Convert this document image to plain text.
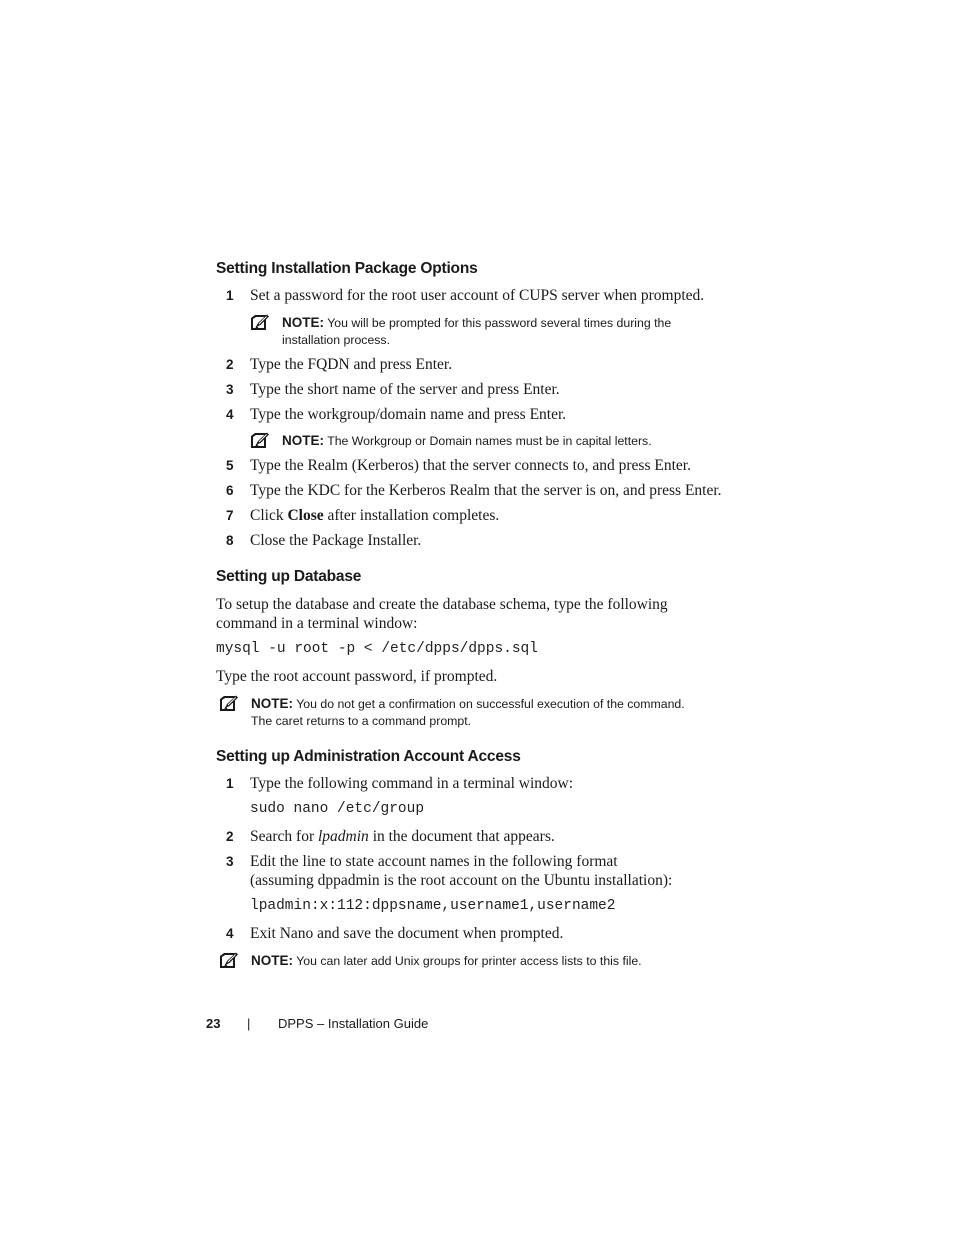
Setting Installation Package Options
1 Set a password for the root user account of CUPS server when prompted.
NOTE: You will be prompted for this password several times during the
installation process.
2 Type the FQDN and press Enter.
3 Type the short name of the server and press Enter.
4 Type the workgroup/domain name and press Enter.
NOTE: The Workgroup or Domain names must be in capital letters.
5 Type the Realm (Kerberos) that the server connects to, and press Enter.
6 Type the KDC for the Kerberos Realm that the server is on, and press Enter.
7 Click Close after installation completes.
8 Close the Package Installer.
Setting up Database
To setup the database and create the database schema, type the following
command in a terminal window:
mysql -u root -p < /etc/dpps/dpps.sql
Type the root account password, if prompted.
NOTE: You do not get a confirmation on successful execution of the command.
The caret returns to a command prompt.
Setting up Administration Account Access
1 Type the following command in a terminal window:
sudo nano /etc/group
2 Search for lpadmin in the document that appears.
3 Edit the line to state account names in the following format
(assuming dppadmin is the root account on the Ubuntu installation):
lpadmin:x:112:dppsname,username1,username2
4 Exit Nano and save the document when prompted.
NOTE: You can later add Unix groups for printer access lists to this file.
23 | DPPS – Installation Guide
